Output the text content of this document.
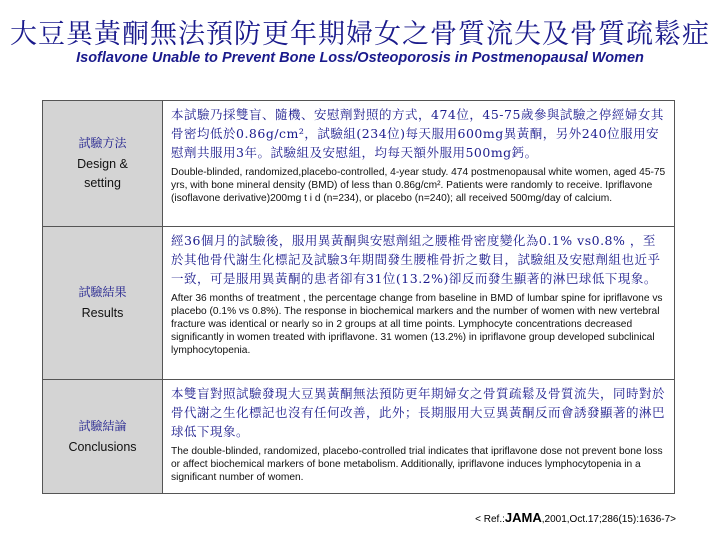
大豆異黃酮無法預防更年期婦女之骨質流失及骨質疏鬆症
Isoflavone Unable to Prevent Bone Loss/Osteoporosis in Postmenopausal Women
試驗方法
Design & setting

本試驗乃採雙盲、隨機、安慰劑對照的方式，474位，45-75歲參與試驗之停經婦女其骨密均低於0.86g/cm²，試驗組(234位)每天服用600mg異黃酮，另外240位服用安慰劑共服用3年。試驗組及安慰組，均每天額外服用500mg鈣。

Double-blinded, randomized,placebo-controlled, 4-year study. 474 postmenopausal white women, aged 45-75 yrs, with bone mineral density (BMD) of less than 0.86g/cm². Patients were randomly to receive. Ipriflavone (isoflavone derivative)200mg t i d (n=234), or placebo (n=240); all received 500mg/day of calcium.

試驗結果
Results

經36個月的試驗後，服用異黃酮與安慰劑組之腰椎骨密度變化為0.1% vs0.8% ，至於其他骨代謝生化標記及試驗3年期間發生腰椎骨折之數目，試驗組及安慰劑組也近乎一致，可是服用異黃酮的患者卻有31位(13.2%)卻反而發生顯著的淋巴球低下現象。

After 36 months of treatment , the percentage change from baseline in BMD of lumbar spine for ipriflavone vs placebo (0.1% vs 0.8%). The response in biochemical markers and the number of women with new vertebral fracture was identical or nearly so in 2 groups at all time points. Lymphocyte concentrations decreased significantly in women treated with ipriflavone. 31 women (13.2%) in ipriflavone group developed subclinical lymphocytopenia.

試驗結論
Conclusions

本雙盲對照試驗發現大豆異黃酮無法預防更年期婦女之骨質疏鬆及骨質流失，同時對於骨代謝之生化標記也沒有任何改善，此外；長期服用大豆異黃酮反而會誘發顯著的淋巴球低下現象。

The double-blinded, randomized, placebo-controlled trial indicates that ipriflavone dose not prevent bone loss or affect biochemical markers of bone metabolism. Additionally, ipriflavone induces lymphocytopenia in a significant number of women.

< Ref.:JAMA,2001,Oct.17;286(15):1636-7>
